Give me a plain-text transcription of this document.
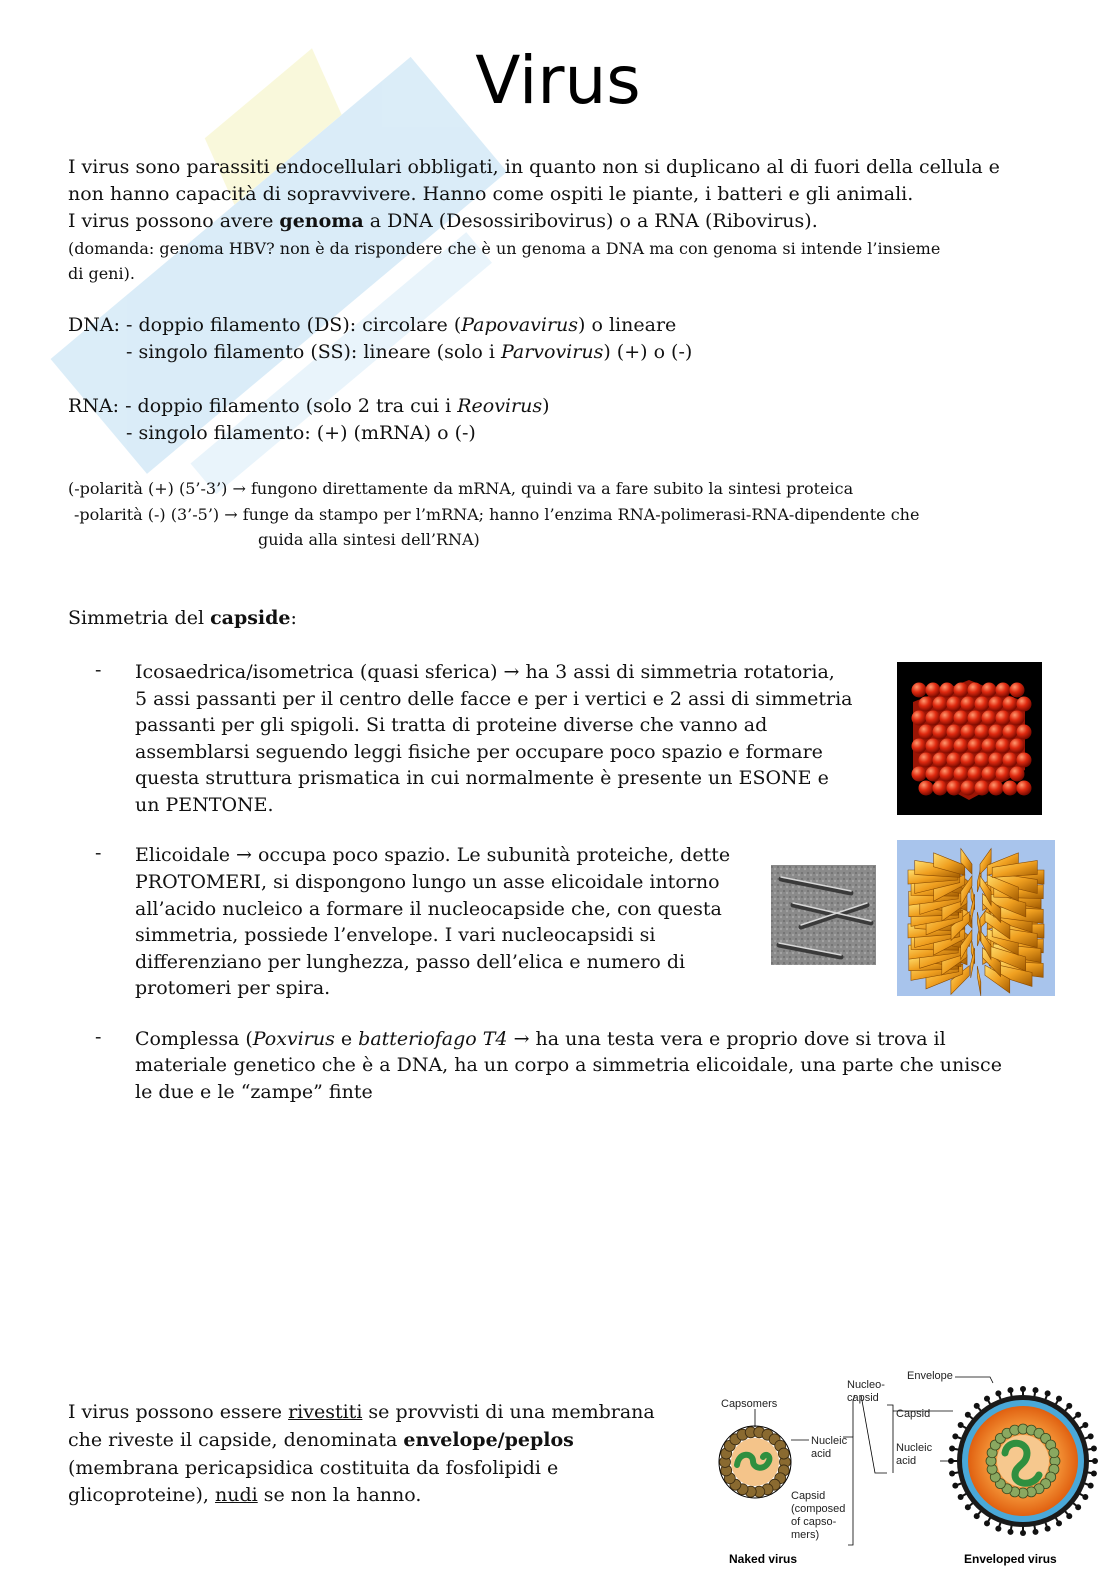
Virus
I virus sono parassiti endocellulari obbligati, in quanto non si duplicano al di fuori della cellula e
non hanno capacità di sopravvivere. Hanno come ospiti le piante, i batteri e gli animali.
I virus possono avere genoma a DNA (Desossiribovirus) o a RNA (Ribovirus).
(domanda: genoma HBV? non è da rispondere che è un genoma a DNA ma con genoma si intende l’insieme
di geni).
DNA: - doppio filamento (DS): circolare (Papovavirus) o lineare
- singolo filamento (SS): lineare (solo i Parvovirus) (+) o (-)
RNA: - doppio filamento (solo 2 tra cui i Reovirus)
- singolo filamento: (+) (mRNA) o (-)
(-polarità (+) (5’-3’) → fungono direttamente da mRNA, quindi va a fare subito la sintesi proteica
-polarità (-) (3’-5’) → funge da stampo per l’mRNA; hanno l’enzima RNA-polimerasi-RNA-dipendente che
guida alla sintesi dell’RNA)
Simmetria del capside:
- Icosaedrica/isometrica (quasi sferica) → ha 3 assi di simmetria rotatoria,
5 assi passanti per il centro delle facce e per i vertici e 2 assi di simmetria
passanti per gli spigoli. Si tratta di proteine diverse che vanno ad
assemblarsi seguendo leggi fisiche per occupare poco spazio e formare
questa struttura prismatica in cui normalmente è presente un ESONE e
un PENTONE.
- Elicoidale → occupa poco spazio. Le subunità proteiche, dette
PROTOMERI, si dispongono lungo un asse elicoidale intorno
all’acido nucleico a formare il nucleocapside che, con questa
simmetria, possiede l’envelope. I vari nucleocapsidi si
differenziano per lunghezza, passo dell’elica e numero di
protomeri per spira.
- Complessa (Poxvirus e batteriofago T4 → ha una testa vera e proprio dove si trova il
materiale genetico che è a DNA, ha un corpo a simmetria elicoidale, una parte che unisce
le due e le “zampe” finte
I virus possono essere rivestiti se provvisti di una membrana
che riveste il capside, denominata envelope/peplos
(membrana pericapsidica costituita da fosfolipidi e
glicoproteine), nudi se non la hanno.
Capsomers
Nucleic
acid
Capsid
(composed
of capso-
mers)
Nucleo-
capsid
Envelope
Capsid
Nucleic
acid
Naked virus	Enveloped virus
